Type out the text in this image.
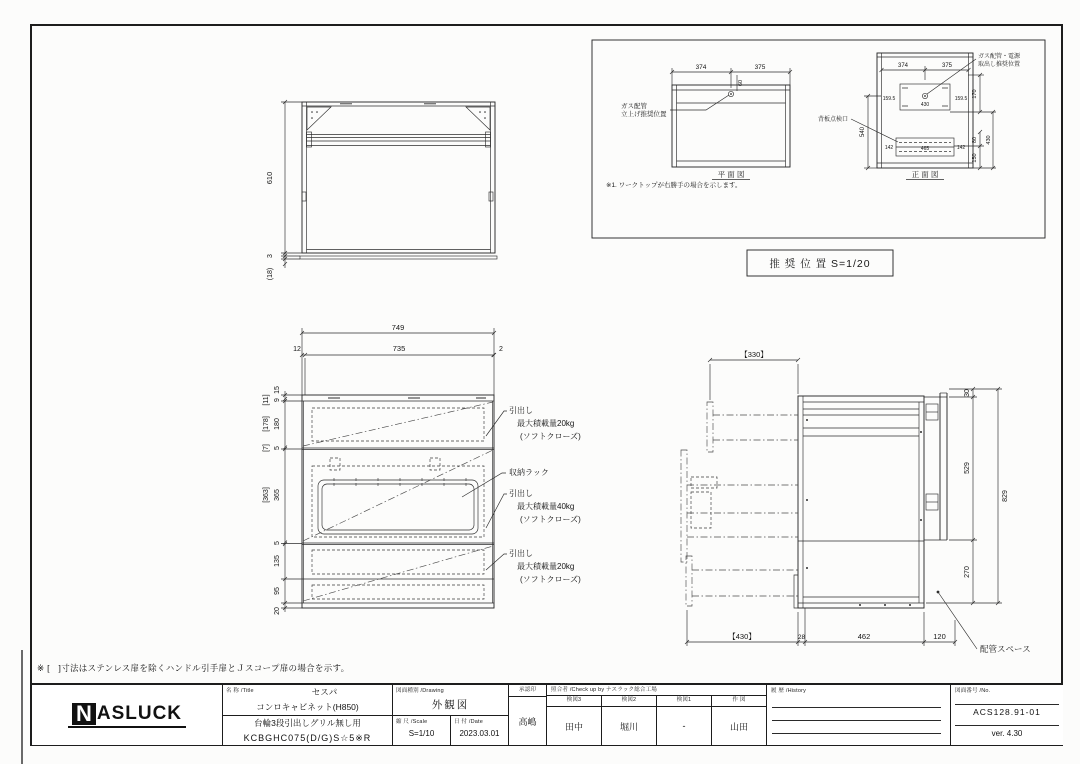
374	375
60
ガス配管
立上げ推奨位置
平 面 図
※1. ワークトップが右勝手の場合を示します。
374	375
159.5
430
159.5
ガス配管・電源
取出し推奨位置
540
142	465	142
背板点検口
170
80
150
430
正 面 図
推 奨 位 置 S=1/20
610
3
(18)
749
12	735	2
15
9
180
5
365
5
135
95
20
[11]
[178]
[7]
[363]
引出し
最大積載量20kg
(ソフトクローズ)
収納ラック
引出し
最大積載量40kg
(ソフトクローズ)
引出し
最大積載量20kg
(ソフトクローズ)
【330】
【430】	28	462	120
30
529
270
829
配管スペース
※ [　]寸法はステンレス扉を除くハンドル引手扉とＪスコープ扉の場合を示す。
N ASLUCK
名 称 /Title	セスパ
コンロキャビネット(H850)
台輪3段引出しグリル無し用
KCBGHC075(D/G)S☆5※R
図面種別 /Drawing
外観図
縮 尺 /Scale
S=1/10
日 付 /Date
2023.03.01
承認印
高嶋
照合者 /Check up by ナスラック総合工場
検図3
田中
検図2
堀川
検図1
-
作 図
山田
履 歴 /History	図面番号 /No.
ACS128.91-01
ver. 4.30
